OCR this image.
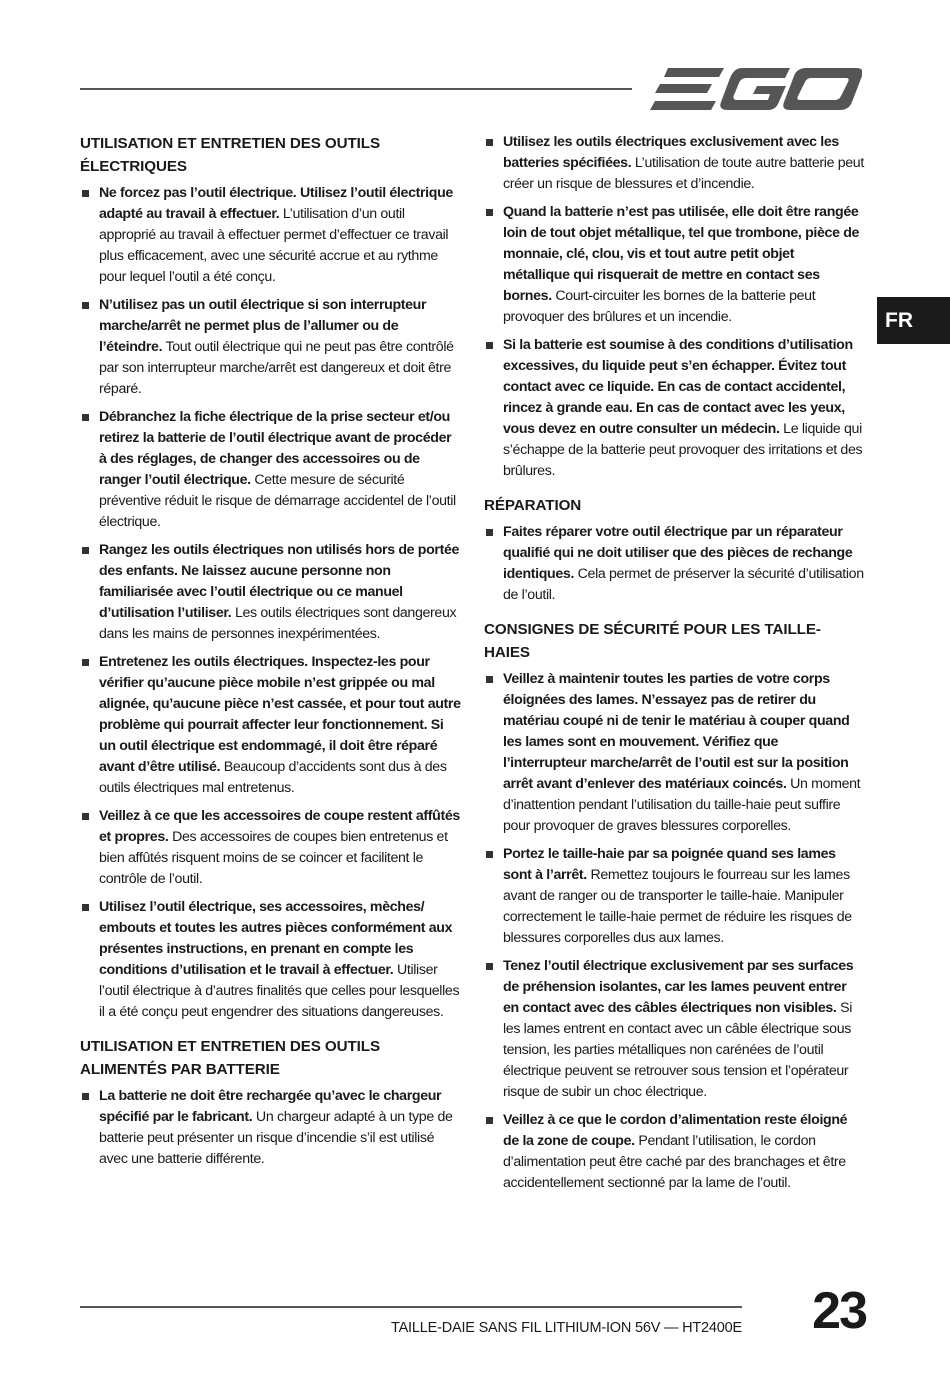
FR
UTILISATION ET ENTRETIEN DES OUTILS ÉLECTRIQUES
Ne forcez pas l’outil électrique. Utilisez l’outil électrique adapté au travail à effectuer. L’utilisation d’un outil approprié au travail à effectuer permet d’effectuer ce travail plus efficacement, avec une sécurité accrue et au rythme pour lequel l’outil a été conçu.
N’utilisez pas un outil électrique si son interrupteur marche/arrêt ne permet plus de l’allumer ou de l’éteindre. Tout outil électrique qui ne peut pas être contrôlé par son interrupteur marche/arrêt est dangereux et doit être réparé.
Débranchez la fiche électrique de la prise secteur et/ou retirez la batterie de l’outil électrique avant de procéder à des réglages, de changer des accessoires ou de ranger l’outil électrique. Cette mesure de sécurité préventive réduit le risque de démarrage accidentel de l’outil électrique.
Rangez les outils électriques non utilisés hors de portée des enfants. Ne laissez aucune personne non familiarisée avec l’outil électrique ou ce manuel d’utilisation l’utiliser. Les outils électriques sont dangereux dans les mains de personnes inexpérimentées.
Entretenez les outils électriques. Inspectez-les pour vérifier qu’aucune pièce mobile n’est grippée ou mal alignée, qu’aucune pièce n’est cassée, et pour tout autre problème qui pourrait affecter leur fonctionnement. Si un outil électrique est endommagé, il doit être réparé avant d’être utilisé. Beaucoup d’accidents sont dus à des outils électriques mal entretenus.
Veillez à ce que les accessoires de coupe restent affûtés et propres. Des accessoires de coupes bien entretenus et bien affûtés risquent moins de se coincer et facilitent le contrôle de l’outil.
Utilisez l’outil électrique, ses accessoires, mèches/ embouts et toutes les autres pièces conformément aux présentes instructions, en prenant en compte les conditions d’utilisation et le travail à effectuer. Utiliser l’outil électrique à d’autres finalités que celles pour lesquelles il a été conçu peut engendrer des situations dangereuses.
UTILISATION ET ENTRETIEN DES OUTILS ALIMENTÉS PAR BATTERIE
La batterie ne doit être rechargée qu’avec le chargeur spécifié par le fabricant. Un chargeur adapté à un type de batterie peut présenter un risque d’incendie s’il est utilisé avec une batterie différente.
Utilisez les outils électriques exclusivement avec les batteries spécifiées. L’utilisation de toute autre batterie peut créer un risque de blessures et d’incendie.
Quand la batterie n’est pas utilisée, elle doit être rangée loin de tout objet métallique, tel que trombone, pièce de monnaie, clé, clou, vis et tout autre petit objet métallique qui risquerait de mettre en contact ses bornes. Court-circuiter les bornes de la batterie peut provoquer des brûlures et un incendie.
Si la batterie est soumise à des conditions d’utilisation excessives, du liquide peut s’en échapper. Évitez tout contact avec ce liquide. En cas de contact accidentel, rincez à grande eau. En cas de contact avec les yeux, vous devez en outre consulter un médecin. Le liquide qui s’échappe de la batterie peut provoquer des irritations et des brûlures.
RÉPARATION
Faites réparer votre outil électrique par un réparateur qualifié qui ne doit utiliser que des pièces de rechange identiques. Cela permet de préserver la sécurité d’utilisation de l’outil.
CONSIGNES DE SÉCURITÉ POUR LES TAILLE-HAIES
Veillez à maintenir toutes les parties de votre corps éloignées des lames. N’essayez pas de retirer du matériau coupé ni de tenir le matériau à couper quand les lames sont en mouvement. Vérifiez que l’interrupteur marche/arrêt de l’outil est sur la position arrêt avant d’enlever des matériaux coincés. Un moment d’inattention pendant l’utilisation du taille-haie peut suffire pour provoquer de graves blessures corporelles.
Portez le taille-haie par sa poignée quand ses lames sont à l’arrêt. Remettez toujours le fourreau sur les lames avant de ranger ou de transporter le taille-haie. Manipuler correctement le taille-haie permet de réduire les risques de blessures corporelles dus aux lames.
Tenez l’outil électrique exclusivement par ses surfaces de préhension isolantes, car les lames peuvent entrer en contact avec des câbles électriques non visibles. Si les lames entrent en contact avec un câble électrique sous tension, les parties métalliques non carénées de l’outil électrique peuvent se retrouver sous tension et l’opérateur risque de subir un choc électrique.
Veillez à ce que le cordon d’alimentation reste éloigné de la zone de coupe. Pendant l’utilisation, le cordon d’alimentation peut être caché par des branchages et être accidentellement sectionné par la lame de l’outil.
TAILLE-DAIE SANS FIL LITHIUM-ION 56V — HT2400E 23
